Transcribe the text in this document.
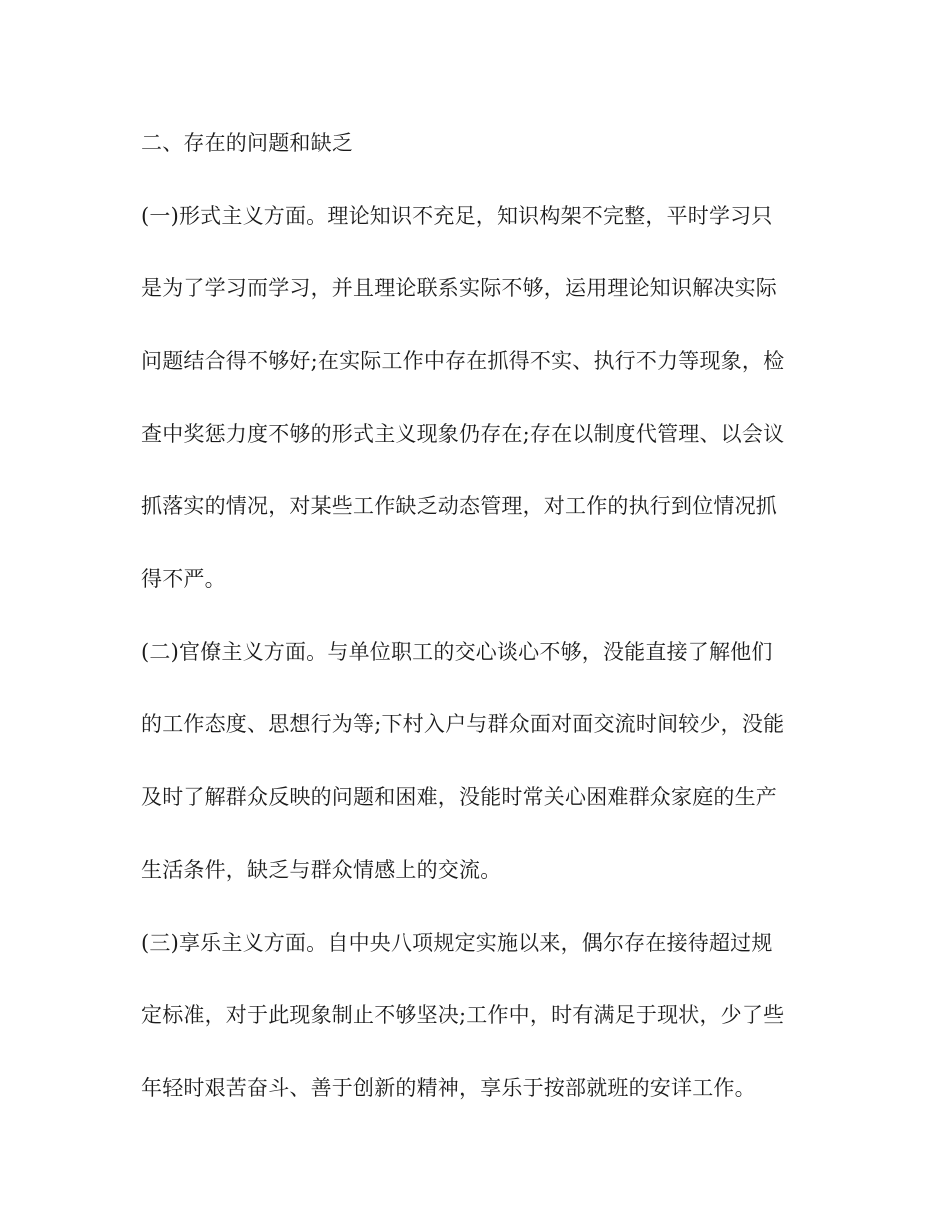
二、存在的问题和缺乏
(一)形式主义方面。理论知识不充足，知识构架不完整，平时学习只
是为了学习而学习，并且理论联系实际不够，运用理论知识解决实际
问题结合得不够好;在实际工作中存在抓得不实、执行不力等现象，检
查中奖惩力度不够的形式主义现象仍存在;存在以制度代管理、以会议
抓落实的情况，对某些工作缺乏动态管理，对工作的执行到位情况抓
得不严。
(二)官僚主义方面。与单位职工的交心谈心不够，没能直接了解他们
的工作态度、思想行为等;下村入户与群众面对面交流时间较少，没能
及时了解群众反映的问题和困难，没能时常关心困难群众家庭的生产
生活条件，缺乏与群众情感上的交流。
(三)享乐主义方面。自中央八项规定实施以来，偶尔存在接待超过规
定标准，对于此现象制止不够坚决;工作中，时有满足于现状，少了些
年轻时艰苦奋斗、善于创新的精神，享乐于按部就班的安详工作。
